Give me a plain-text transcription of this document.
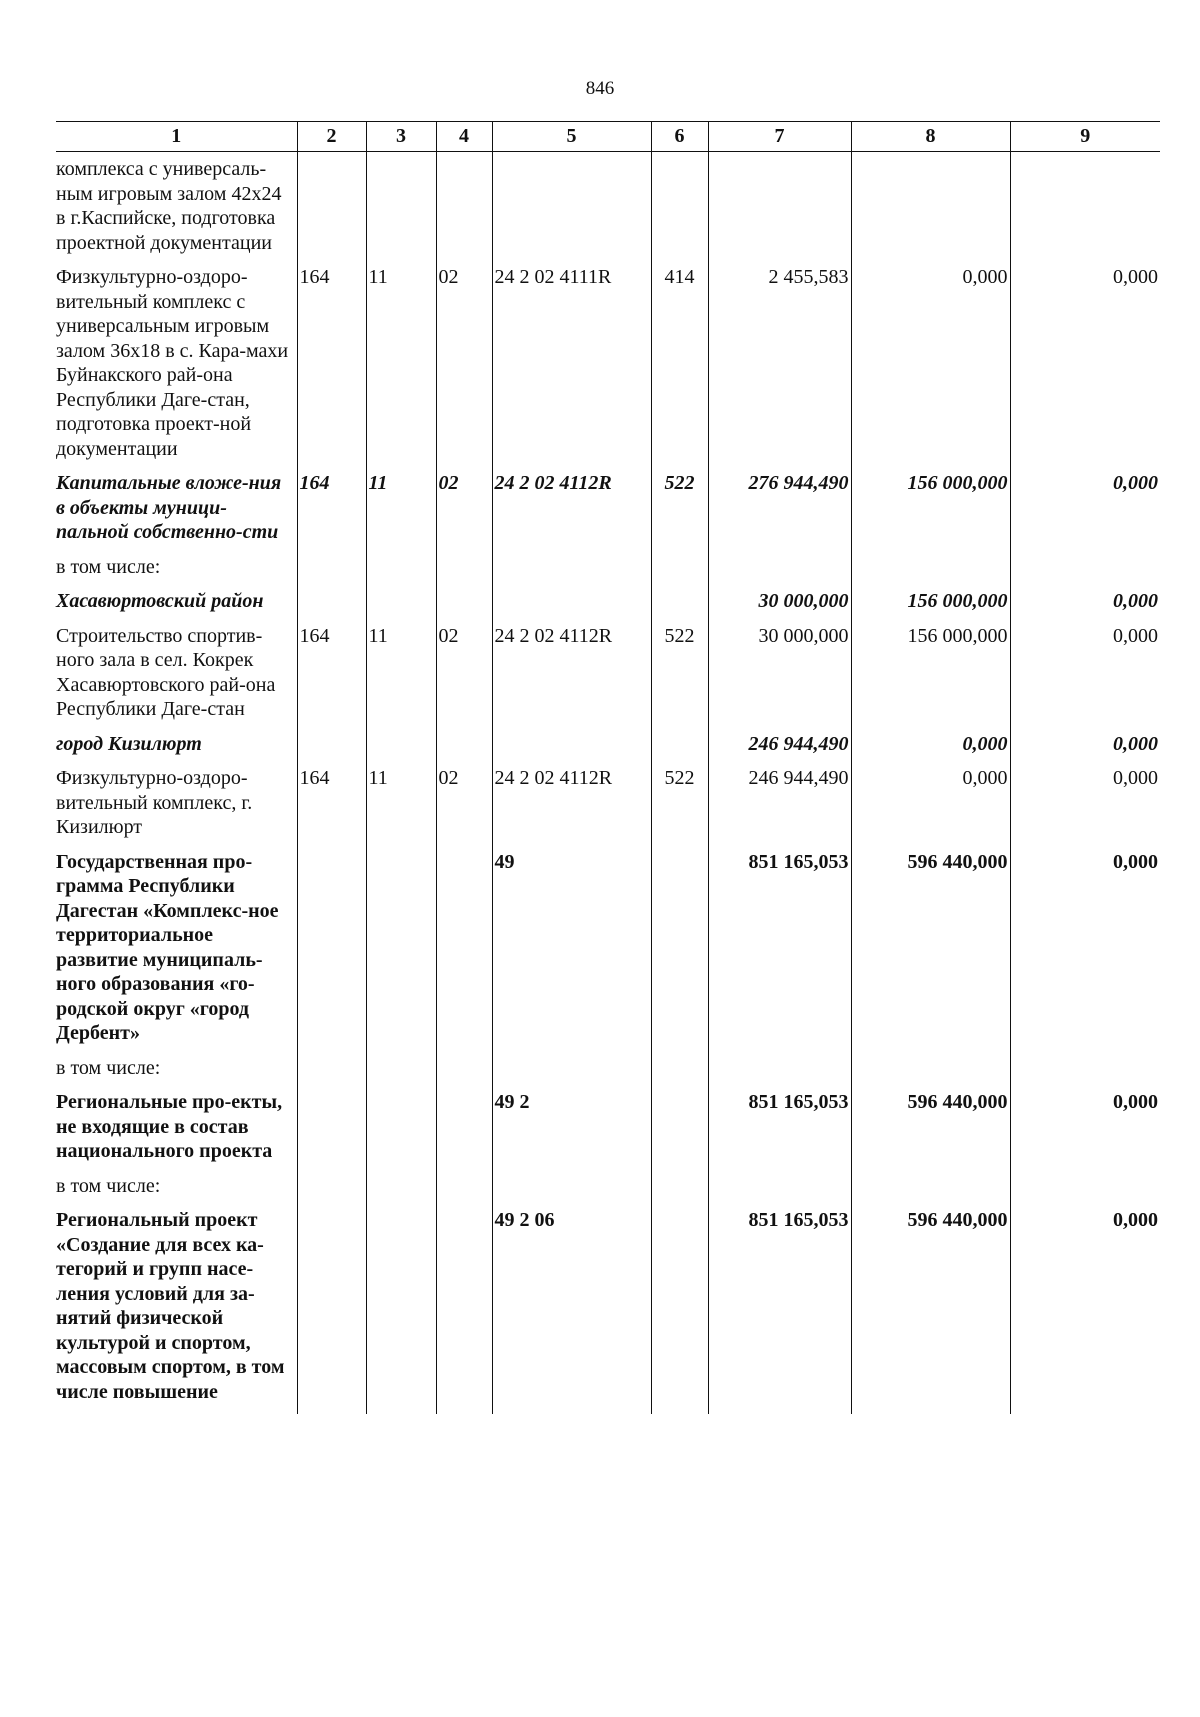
846
1	2	3	4	5	6	7	8	9
комплекса с универсаль-ным игровым залом 42х24 в г.Каспийске, подготовка проектной документации								
Физкультурно-оздоро-вительный комплекс с универсальным игровым залом 36х18 в с. Кара-махи Буйнакского рай-она Республики Даге-стан, подготовка проект-ной документации	164	11	02	24 2 02 4111R	414	2 455,583	0,000	0,000
Капитальные вложе-ния в объекты муници-пальной собственно-сти	164	11	02	24 2 02 4112R	522	276 944,490	156 000,000	0,000
в том числе:								
Хасавюртовский район						30 000,000	156 000,000	0,000
Строительство спортив-ного зала в сел. Кокрек Хасавюртовского рай-она Республики Даге-стан	164	11	02	24 2 02 4112R	522	30 000,000	156 000,000	0,000
город Кизилюрт						246 944,490	0,000	0,000
Физкультурно-оздоро-вительный комплекс, г. Кизилюрт	164	11	02	24 2 02 4112R	522	246 944,490	0,000	0,000
Государственная про-грамма Республики Дагестан «Комплекс-ное территориальное развитие муниципаль-ного образования «го-родской округ «город Дербент»				49		851 165,053	596 440,000	0,000
в том числе:								
Региональные про-екты, не входящие в состав национального проекта				49 2		851 165,053	596 440,000	0,000
в том числе:								
Региональный проект «Создание для всех ка-тегорий и групп насе-ления условий для за-нятий физической культурой и спортом, массовым спортом, в том числе повышение				49 2 06		851 165,053	596 440,000	0,000
